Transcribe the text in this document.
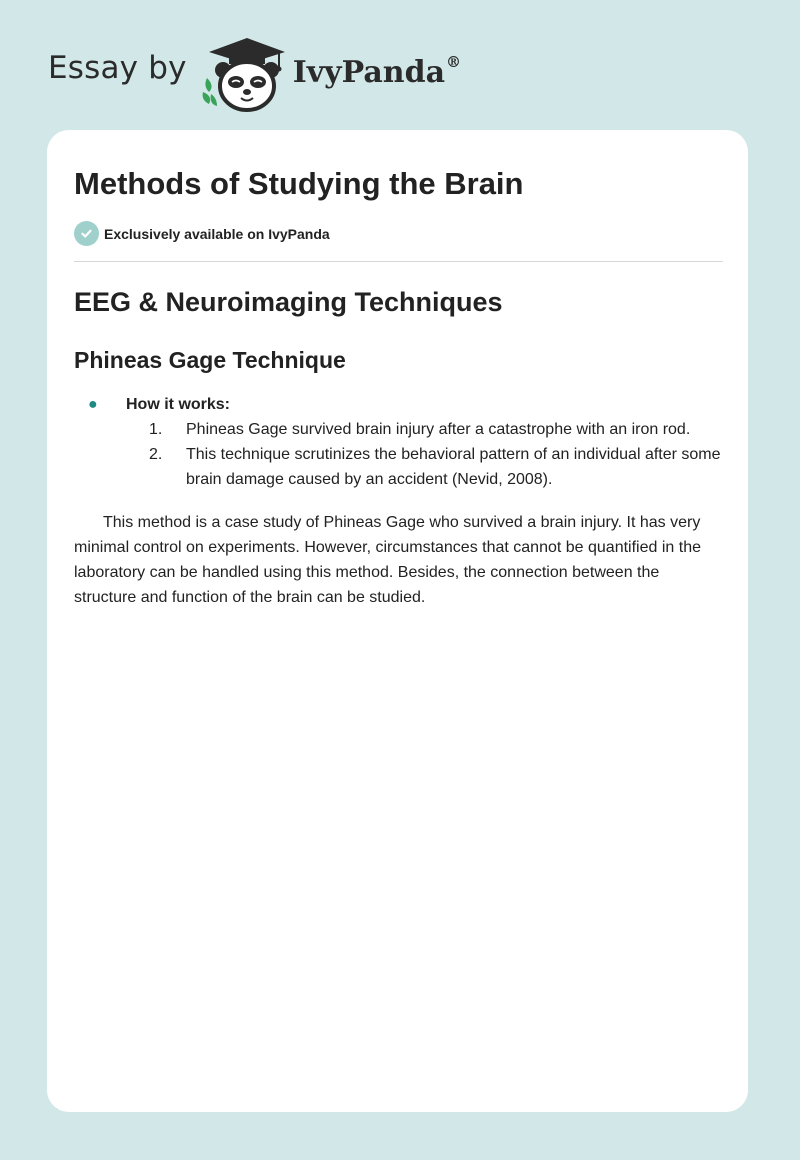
Essay by	IvyPanda®
Methods of Studying the Brain
Exclusively available on IvyPanda
EEG & Neuroimaging Techniques
Phineas Gage Technique
● How it works:
1. Phineas Gage survived brain injury after a catastrophe with an iron rod.
2. This technique scrutinizes the behavioral pattern of an individual after some brain damage caused by an accident (Nevid, 2008).

This method is a case study of Phineas Gage who survived a brain injury. It has very minimal control on experiments. However, circumstances that cannot be quantified in the laboratory can be handled using this method. Besides, the connection between the structure and function of the brain can be studied.
